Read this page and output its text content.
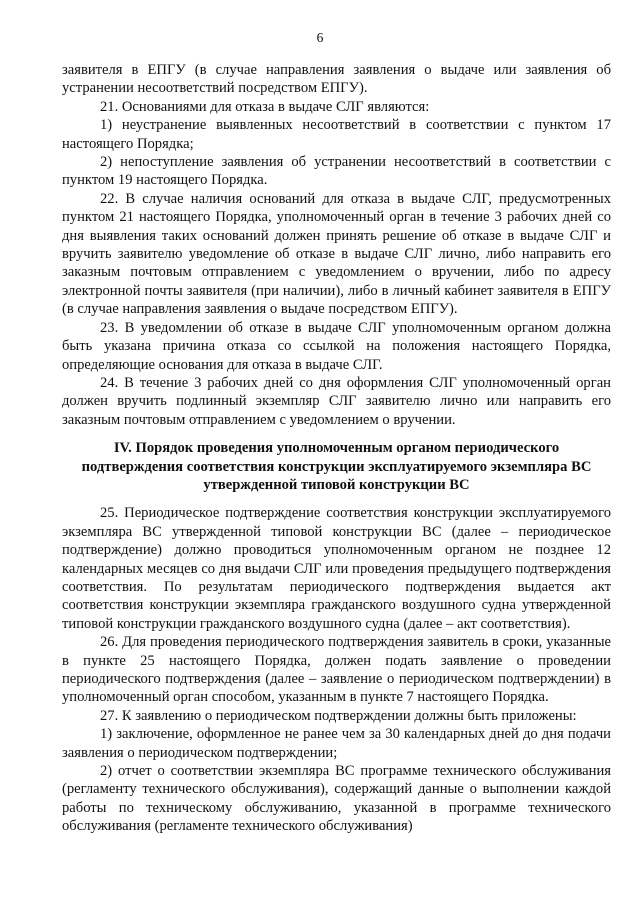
6

заявителя в ЕПГУ (в случае направления заявления о выдаче или заявления об устранении несоответствий посредством ЕПГУ).

21. Основаниями для отказа в выдаче СЛГ являются:

1) неустранение выявленных несоответствий в соответствии с пунктом 17 настоящего Порядка;

2) непоступление заявления об устранении несоответствий в соответствии с пунктом 19 настоящего Порядка.

22. В случае наличия оснований для отказа в выдаче СЛГ, предусмотренных пунктом 21 настоящего Порядка, уполномоченный орган в течение 3 рабочих дней со дня выявления таких оснований должен принять решение об отказе в выдаче СЛГ и вручить заявителю уведомление об отказе в выдаче СЛГ лично, либо направить его заказным почтовым отправлением с уведомлением о вручении, либо по адресу электронной почты заявителя (при наличии), либо в личный кабинет заявителя в ЕПГУ (в случае направления заявления о выдаче посредством ЕПГУ).

23. В уведомлении об отказе в выдаче СЛГ уполномоченным органом должна быть указана причина отказа со ссылкой на положения настоящего Порядка, определяющие основания для отказа в выдаче СЛГ.

24. В течение 3 рабочих дней со дня оформления СЛГ уполномоченный орган должен вручить подлинный экземпляр СЛГ заявителю лично или направить его заказным почтовым отправлением с уведомлением о вручении.

IV. Порядок проведения уполномоченным органом периодического
подтверждения соответствия конструкции эксплуатируемого экземпляра ВС
утвержденной типовой конструкции ВС

25. Периодическое подтверждение соответствия конструкции эксплуатируемого экземпляра ВС утвержденной типовой конструкции ВС (далее – периодическое подтверждение) должно проводиться уполномоченным органом не позднее 12 календарных месяцев со дня выдачи СЛГ или проведения предыдущего подтверждения соответствия. По результатам периодического подтверждения выдается акт соответствия конструкции экземпляра гражданского воздушного судна утвержденной типовой конструкции гражданского воздушного судна (далее – акт соответствия).

26. Для проведения периодического подтверждения заявитель в сроки, указанные в пункте 25 настоящего Порядка, должен подать заявление о проведении периодического подтверждения (далее – заявление о периодическом подтверждении) в уполномоченный орган способом, указанным в пункте 7 настоящего Порядка.

27. К заявлению о периодическом подтверждении должны быть приложены:

1) заключение, оформленное не ранее чем за 30 календарных дней до дня подачи заявления о периодическом подтверждении;

2) отчет о соответствии экземпляра ВС программе технического обслуживания (регламенту технического обслуживания), содержащий данные о выполнении каждой работы по техническому обслуживанию, указанной в программе технического обслуживания (регламенте технического обслуживания)
